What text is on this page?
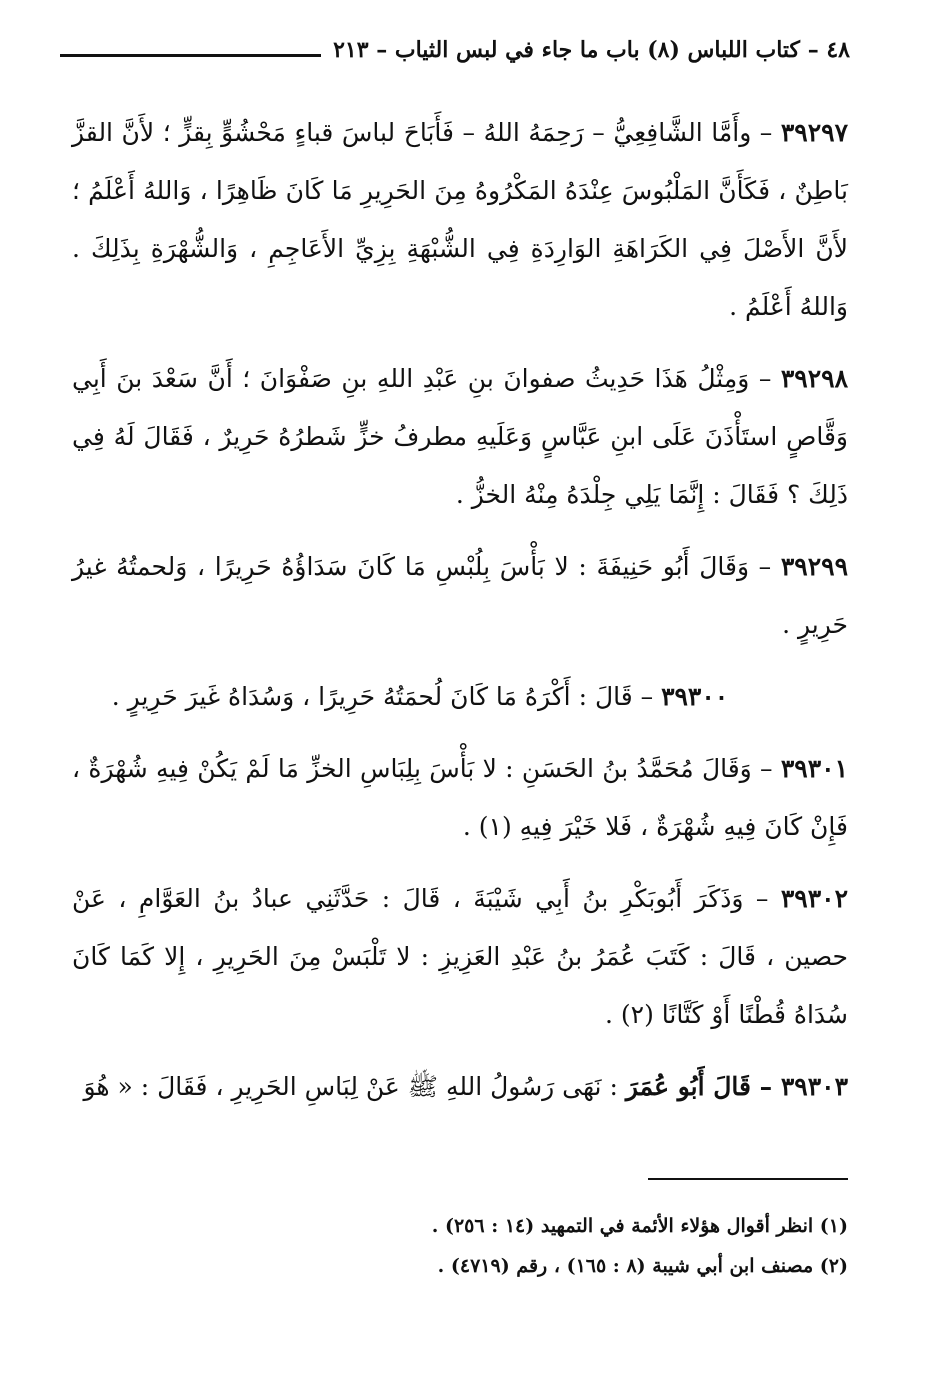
٤٨ – كتاب اللباس (٨) باب ما جاء في لبس الثياب – ٢١٣

٣٩٢٩٧ – وأَمَّا الشَّافِعِيُّ – رَحِمَهُ اللهُ – فَأَبَاحَ لباسَ قباءٍ مَحْشُوٍّ بِقزٍّ ؛ لأَنَّ القزَّ بَاطِنٌ ، فَكَأَنَّ المَلْبُوسَ عِنْدَهُ المَكْرُوهُ مِنَ الحَرِيرِ مَا كَانَ ظَاهِرًا ، وَاللهُ أَعْلَمُ ؛ لأَنَّ الأَصْلَ فِي الكَرَاهَةِ الوَارِدَةِ فِي الشُّبْهَةِ بِزِيِّ الأَعَاجِمِ ، وَالشُّهْرَةِ بِذَلِكَ . وَاللهُ أَعْلَمُ .

٣٩٢٩٨ – وَمِثْلُ هَذَا حَدِيثُ صفوانَ بنِ عَبْدِ اللهِ بنِ صَفْوَانَ ؛ أَنَّ سَعْدَ بنَ أَبِي وَقَّاصٍ استَأْذَنَ عَلَى ابنِ عَبَّاسٍ وَعَلَيهِ مطرفُ خزٍّ شَطرُهُ حَرِيرٌ ، فَقَالَ لَهُ فِي ذَلِكَ ؟ فَقَالَ : إِنَّمَا يَلِي جِلْدَهُ مِنْهُ الخزُّ .

٣٩٢٩٩ – وَقَالَ أَبُو حَنِيفَةَ : لا بَأْسَ بِلُبْسِ مَا كَانَ سَدَاؤُهُ حَرِيرًا ، وَلحمتُهُ غيرُ حَرِيرٍ .

٣٩٣٠٠ – قَالَ : أَكْرَهُ مَا كَانَ لُحمَتُهُ حَرِيرًا ، وَسُدَاهُ غَيرَ حَرِيرٍ .

٣٩٣٠١ – وَقَالَ مُحَمَّدُ بنُ الحَسَنِ : لا بَأْسَ بِلِبَاسِ الخزِّ مَا لَمْ يَكُنْ فِيهِ شُهْرَةٌ ، فَإِنْ كَانَ فِيهِ شُهْرَةٌ ، فَلا خَيْرَ فِيهِ (١) .

٣٩٣٠٢ – وَذَكَرَ أَبُوبَكْرِ بنُ أَبِي شَيْبَةَ ، قَالَ : حَدَّثَنِي عبادُ بنُ العَوَّامِ ، عَنْ حصين ، قَالَ : كَتَبَ عُمَرُ بنُ عَبْدِ العَزِيزِ : لا تَلْبَسْ مِنَ الحَرِيرِ ، إِلا كَمَا كَانَ سُدَاهُ قُطْنًا أَوْ كَتَّانًا (٢) .

٣٩٣٠٣ – قَالَ أَبُو عُمَرَ : نَهَى رَسُولُ اللهِ ﷺ عَنْ لِبَاسِ الحَرِيرِ ، فَقَالَ : « هُوَ

(١) انظر أقوال هؤلاء الأئمة في التمهيد (١٤ : ٢٥٦) .

(٢) مصنف ابن أبي شيبة (٨ : ١٦٥) ، رقم (٤٧١٩) .
